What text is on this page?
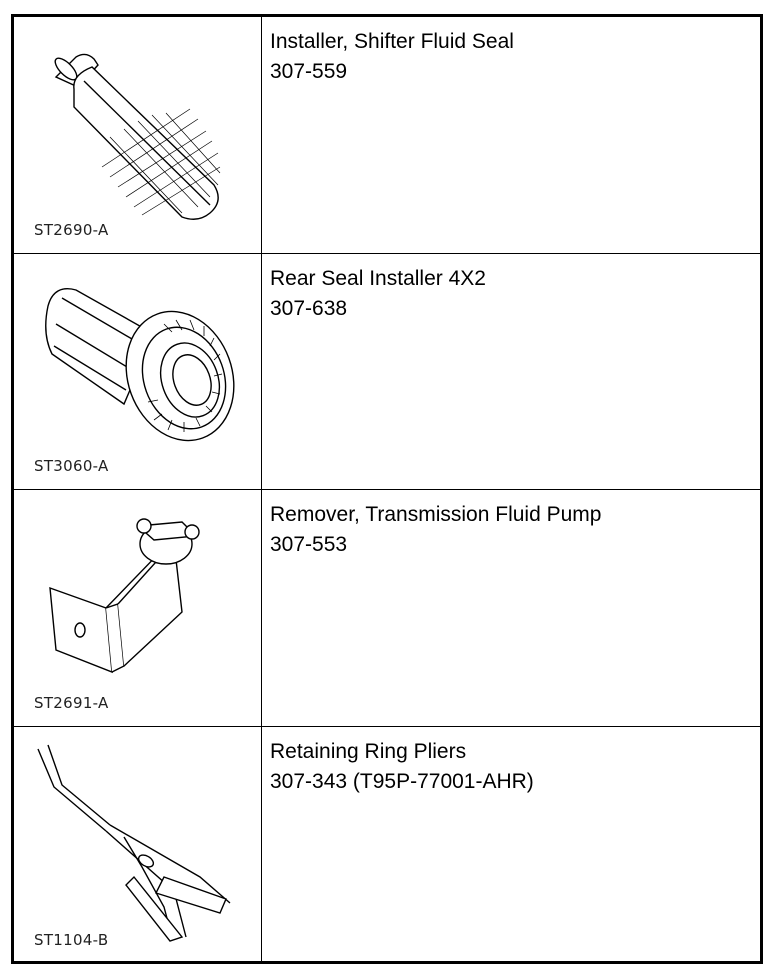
ST2690-A
Installer, Shifter Fluid Seal
307-559
ST3060-A
Rear Seal Installer 4X2
307-638
ST2691-A
Remover, Transmission Fluid Pump
307-553
ST1104-B
Retaining Ring Pliers
307-343 (T95P-77001-AHR)
